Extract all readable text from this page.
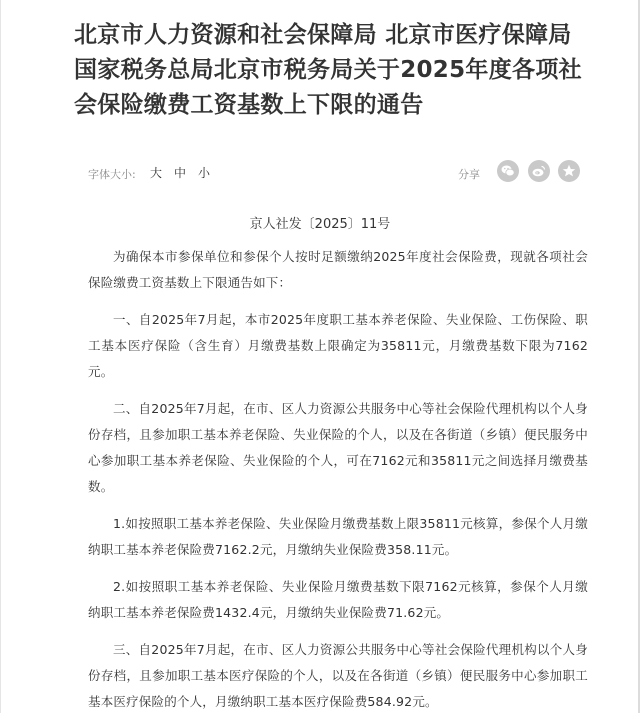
北京市人力资源和社会保障局 北京市医疗保障局 国家税务总局北京市税务局关于2025年度各项社会保险缴费工资基数上下限的通告
字体大小: 大 中 小	分享
京人社发〔2025〕11号

为确保本市参保单位和参保个人按时足额缴纳2025年度社会保险费，现就各项社会保险缴费工资基数上下限通告如下：

一、自2025年7月起，本市2025年度职工基本养老保险、失业保险、工伤保险、职工基本医疗保险（含生育）月缴费基数上限确定为35811元，月缴费基数下限为7162元。

二、自2025年7月起，在市、区人力资源公共服务中心等社会保险代理机构以个人身份存档，且参加职工基本养老保险、失业保险的个人，以及在各街道（乡镇）便民服务中心参加职工基本养老保险、失业保险的个人，可在7162元和35811元之间选择月缴费基数。

1.如按照职工基本养老保险、失业保险月缴费基数上限35811元核算，参保个人月缴纳职工基本养老保险费7162.2元，月缴纳失业保险费358.11元。

2.如按照职工基本养老保险、失业保险月缴费基数下限7162元核算，参保个人月缴纳职工基本养老保险费1432.4元，月缴纳失业保险费71.62元。

三、自2025年7月起，在市、区人力资源公共服务中心等社会保险代理机构以个人身份存档，且参加职工基本医疗保险的个人，以及在各街道（乡镇）便民服务中心参加职工基本医疗保险的个人，月缴纳职工基本医疗保险费584.92元。
